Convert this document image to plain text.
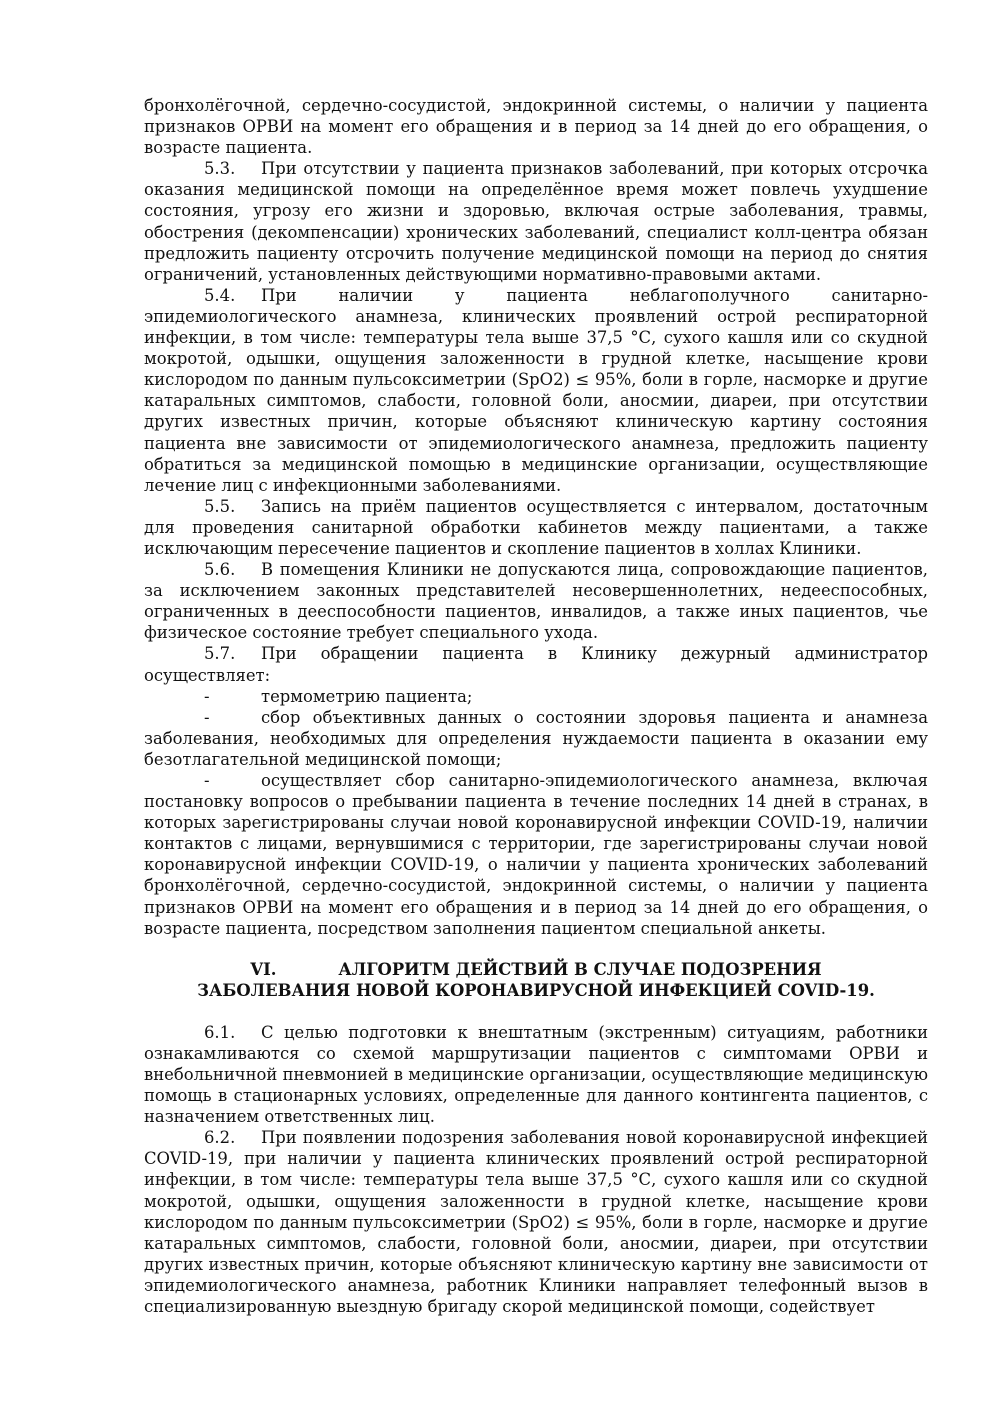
бронхолёгочной, сердечно-сосудистой, эндокринной системы, о наличии у пациента признаков ОРВИ на момент его обращения и в период за 14 дней до его обращения, о возрасте пациента.

5.3. При отсутствии у пациента признаков заболеваний, при которых отсрочка оказания медицинской помощи на определённое время может повлечь ухудшение состояния, угрозу его жизни и здоровью, включая острые заболевания, травмы, обострения (декомпенсации) хронических заболеваний, специалист колл-центра обязан предложить пациенту отсрочить получение медицинской помощи на период до снятия ограничений, установленных действующими нормативно-правовыми актами.

5.4. При наличии у пациента неблагополучного санитарно-эпидемиологического анамнеза, клинических проявлений острой респираторной инфекции, в том числе: температуры тела выше 37,5 °С, сухого кашля или со скудной мокротой, одышки, ощущения заложенности в грудной клетке, насыщение крови кислородом по данным пульсоксиметрии (SpO2) ≤ 95%, боли в горле, насморке и другие катаральных симптомов, слабости, головной боли, аносмии, диареи, при отсутствии других известных причин, которые объясняют клиническую картину состояния пациента вне зависимости от эпидемиологического анамнеза, предложить пациенту обратиться за медицинской помощью в медицинские организации, осуществляющие лечение лиц с инфекционными заболеваниями.

5.5. Запись на приём пациентов осуществляется с интервалом, достаточным для проведения санитарной обработки кабинетов между пациентами, а также исключающим пересечение пациентов и скопление пациентов в холлах Клиники.

5.6. В помещения Клиники не допускаются лица, сопровождающие пациентов, за исключением законных представителей несовершеннолетних, недееспособных, ограниченных в дееспособности пациентов, инвалидов, а также иных пациентов, чье физическое состояние требует специального ухода.

5.7. При обращении пациента в Клинику дежурный администратор осуществляет:

-	термометрию пациента;

-	сбор объективных данных о состоянии здоровья пациента и анамнеза заболевания, необходимых для определения нуждаемости пациента в оказании ему безотлагательной медицинской помощи;

-	осуществляет сбор санитарно-эпидемиологического анамнеза, включая постановку вопросов о пребывании пациента в течение последних 14 дней в странах, в которых зарегистрированы случаи новой коронавирусной инфекции COVID-19, наличии контактов с лицами, вернувшимися с территории, где зарегистрированы случаи новой коронавирусной инфекции COVID-19, о наличии у пациента хронических заболеваний бронхолёгочной, сердечно-сосудистой, эндокринной системы, о наличии у пациента признаков ОРВИ на момент его обращения и в период за 14 дней до его обращения, о возрасте пациента, посредством заполнения пациентом специальной анкеты.

VI.	АЛГОРИТМ ДЕЙСТВИЙ В СЛУЧАЕ ПОДОЗРЕНИЯ
ЗАБОЛЕВАНИЯ НОВОЙ КОРОНАВИРУСНОЙ ИНФЕКЦИЕЙ COVID-19.

6.1. С целью подготовки к внештатным (экстренным) ситуациям, работники ознакамливаются со схемой маршрутизации пациентов с симптомами ОРВИ и внебольничной пневмонией в медицинские организации, осуществляющие медицинскую помощь в стационарных условиях, определенные для данного контингента пациентов, с назначением ответственных лиц.

6.2. При появлении подозрения заболевания новой коронавирусной инфекцией COVID-19, при наличии у пациента клинических проявлений острой респираторной инфекции, в том числе: температуры тела выше 37,5 °С, сухого кашля или со скудной мокротой, одышки, ощущения заложенности в грудной клетке, насыщение крови кислородом по данным пульсоксиметрии (SpO2) ≤ 95%, боли в горле, насморке и другие катаральных симптомов, слабости, головной боли, аносмии, диареи, при отсутствии других известных причин, которые объясняют клиническую картину вне зависимости от эпидемиологического анамнеза, работник Клиники направляет телефонный вызов в специализированную выездную бригаду скорой медицинской помощи, содействует
